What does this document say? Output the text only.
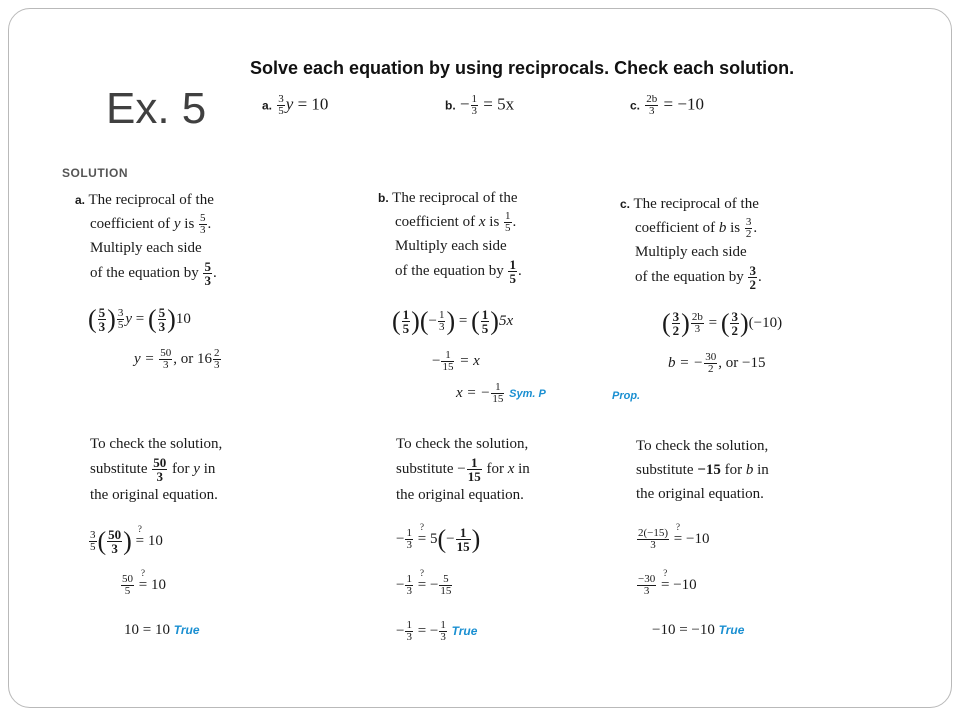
Ex. 5
Solve each equation by using reciprocals. Check each solution.
a. $\frac{3}{5}$ y = 10	b. − $\frac{1}{3} = 5x$	c. $\frac{2b}{3} = -10$
SOLUTION
a. The reciprocal of the
coefficient of y is $\frac{5}{3}$ .
Multiply each side
of the equation by $\frac{5}{3}$ .
( $\frac{5}{3}$ ) $\frac{3}{5}$ y = ( $\frac{5}{3} )10$
$y = \frac{50}{3}$ , or $16 \frac{2}{3}$
To check the solution,
substitute $\frac{50}{3}$ for y in
the original equation.
$\frac{3}{5}$ ( $\frac{50}{3}$ ) ?
= 10
$\frac{50}{5}$

?
= 10
10 = 10 True
b. The reciprocal of the
coefficient of x is $\frac{1}{5}$ .
Multiply each side
of the equation by $\frac{1}{5}$ .
( $\frac{1}{5}$ )(− $\frac{1}{3}$ ) = ( $\frac{1}{5} )5x$
− $\frac{1}{15} = x$
x = − $\frac{1}{15}$ Sym. P
To check the solution,
substitute − $\frac{1}{15}$ for x in
the original equation.
− $\frac{1}{3}$

?
= $5(- \frac{1}{15}$ )
− $\frac{1}{3}$

?
= − $\frac{5}{15}$
− $\frac{1}{3}$ = − $\frac{1}{3}$ True
c. The reciprocal of the
coefficient of b is $\frac{3}{2}$ .
Multiply each side
of the equation by $\frac{3}{2}$ .
( $\frac{3}{2}$ ) $\frac{2b}{3}$ = ( $\frac{3}{2} )(-10)$
b = − $\frac{30}{2}$ , or −15
Prop.
To check the solution,
substitute −15 for b in
the original equation.
$\frac{2(-15)}{3}$

?
= −10
$\frac{-30}{3}$

?
= −10
−10 = −10 True
